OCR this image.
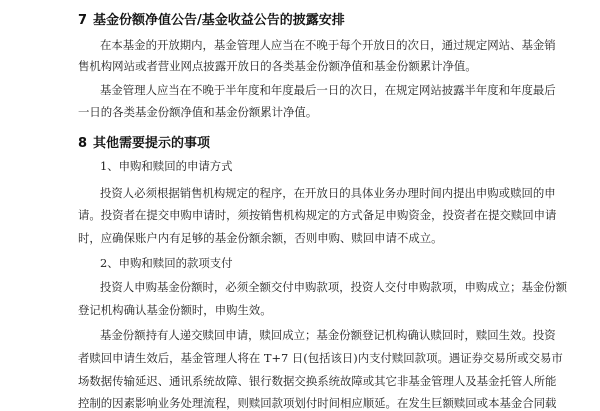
7 基金份额净值公告/基金收益公告的披露安排
在本基金的开放期内，基金管理人应当在不晚于每个开放日的次日，通过规定网站、基金销
售机构网站或者营业网点披露开放日的各类基金份额净值和基金份额累计净值。
基金管理人应当在不晚于半年度和年度最后一日的次日，在规定网站披露半年度和年度最后
一日的各类基金份额净值和基金份额累计净值。
8 其他需要提示的事项
1、申购和赎回的申请方式
投资人必须根据销售机构规定的程序，在开放日的具体业务办理时间内提出申购或赎回的申
请。投资者在提交申购申请时，须按销售机构规定的方式备足申购资金，投资者在提交赎回申请
时，应确保账户内有足够的基金份额余额，否则申购、赎回申请不成立。
2、申购和赎回的款项支付
投资人申购基金份额时，必须全额交付申购款项，投资人交付申购款项，申购成立；基金份额
登记机构确认基金份额时，申购生效。
基金份额持有人递交赎回申请，赎回成立；基金份额登记机构确认赎回时，赎回生效。投资
者赎回申请生效后，基金管理人将在 T+7 日(包括该日)内支付赎回款项。遇证券交易所或交易市
场数据传输延迟、通讯系统故障、银行数据交换系统故障或其它非基金管理人及基金托管人所能
控制的因素影响业务处理流程，则赎回款项划付时间相应顺延。在发生巨额赎回或本基金合同载
